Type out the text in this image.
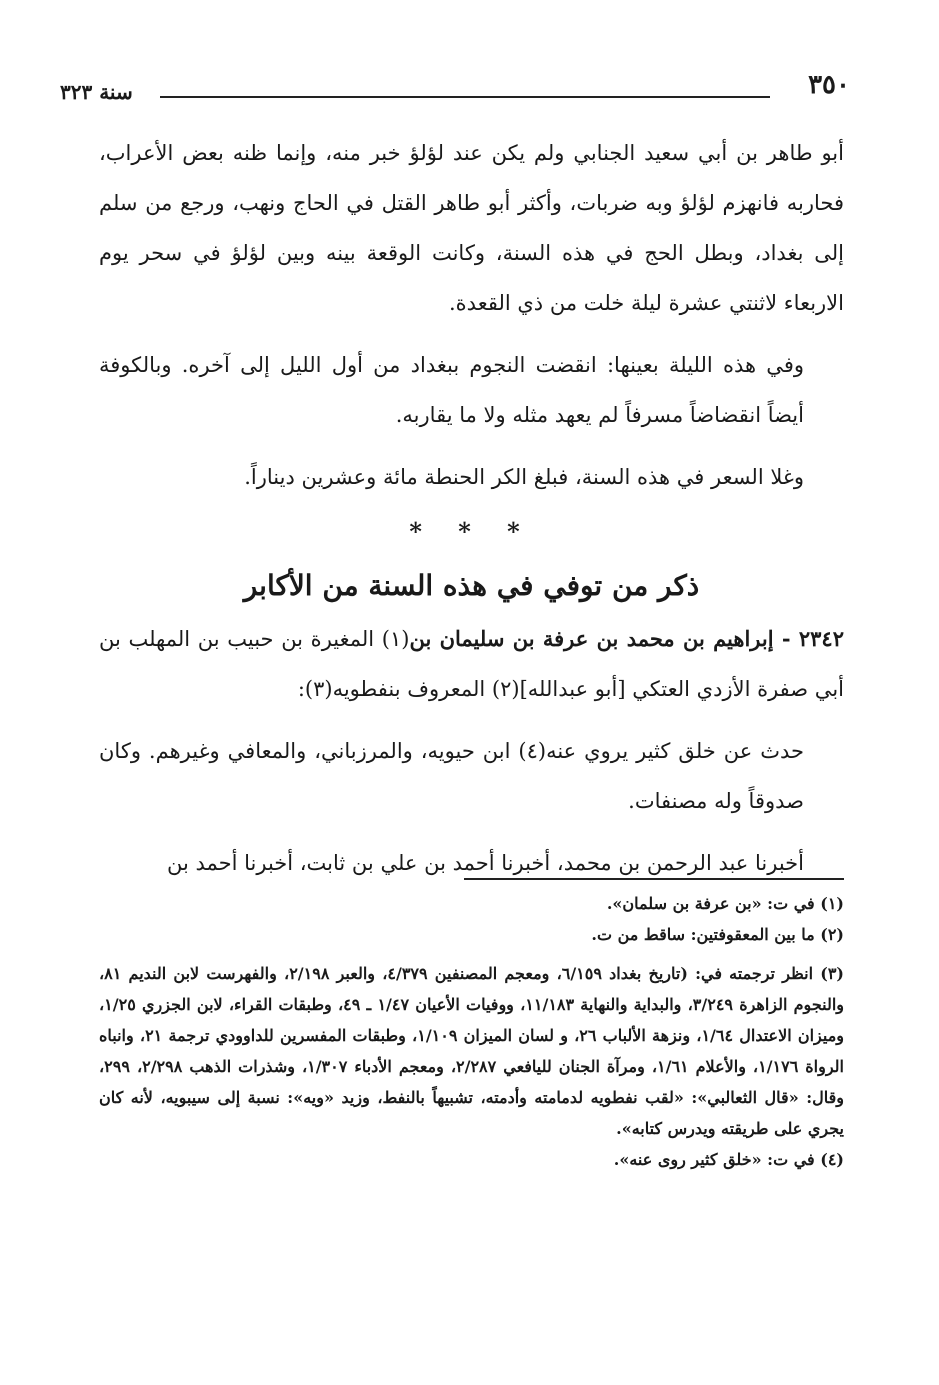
٣٥٠
سنة ٣٢٣

أبو طاهر بن أبي سعيد الجنابي ولم يكن عند لؤلؤ خبر منه، وإنما ظنه بعض الأعراب، فحاربه فانهزم لؤلؤ وبه ضربات، وأكثر أبو طاهر القتل في الحاج ونهب، ورجع من سلم إلى بغداد، وبطل الحج في هذه السنة، وكانت الوقعة بينه وبين لؤلؤ في سحر يوم الاربعاء لاثنتي عشرة ليلة خلت من ذي القعدة.

وفي هذه الليلة بعينها: انقضت النجوم ببغداد من أول الليل إلى آخره. وبالكوفة أيضاً انقضاضاً مسرفاً لم يعهد مثله ولا ما يقاربه.

وغلا السعر في هذه السنة، فبلغ الكر الحنطة مائة وعشرين ديناراً.

* * *
ذكر من توفي في هذه السنة من الأكابر

٢٣٤٢ - إبراهيم بن محمد بن عرفة بن سليمان بن(١) المغيرة بن حبيب بن المهلب بن أبي صفرة الأزدي العتكي [أبو عبدالله](٢) المعروف بنفطويه(٣):

حدث عن خلق كثير يروي عنه(٤) ابن حيويه، والمرزباني، والمعافي وغيرهم. وكان صدوقاً وله مصنفات.

أخبرنا عبد الرحمن بن محمد، أخبرنا أحمد بن علي بن ثابت، أخبرنا أحمد بن

(١) في ت: «بن عرفة بن سلمان».

(٢) ما بين المعقوفتين: ساقط من ت.

(٣) انظر ترجمته في: (تاريخ بغداد ٦/١٥٩، ومعجم المصنفين ٤/٣٧٩، والعبر ٢/١٩٨، والفهرست لابن النديم ٨١، والنجوم الزاهرة ٣/٢٤٩، والبداية والنهاية ١١/١٨٣، ووفيات الأعيان ١/٤٧ ـ ٤٩، وطبقات القراء، لابن الجزري ١/٢٥، وميزان الاعتدال ١/٦٤، ونزهة الألباب ٢٦، و لسان الميزان ١/١٠٩، وطبقات المفسرين للداوودي ترجمة ٢١، وانباه الرواة ١/١٧٦، والأعلام ١/٦١، ومرآة الجنان لليافعي ٢/٢٨٧، ومعجم الأدباء ١/٣٠٧، وشذرات الذهب ٢/٢٩٨، ٢٩٩، وقال: «قال الثعالبي»: «لقب نفطويه لدمامته وأدمته، تشبيهاً بالنفط، وزيد «ويه»: نسبة إلى سيبويه، لأنه كان يجري على طريقته ويدرس كتابه».

(٤) في ت: «خلق كثير روى عنه».
